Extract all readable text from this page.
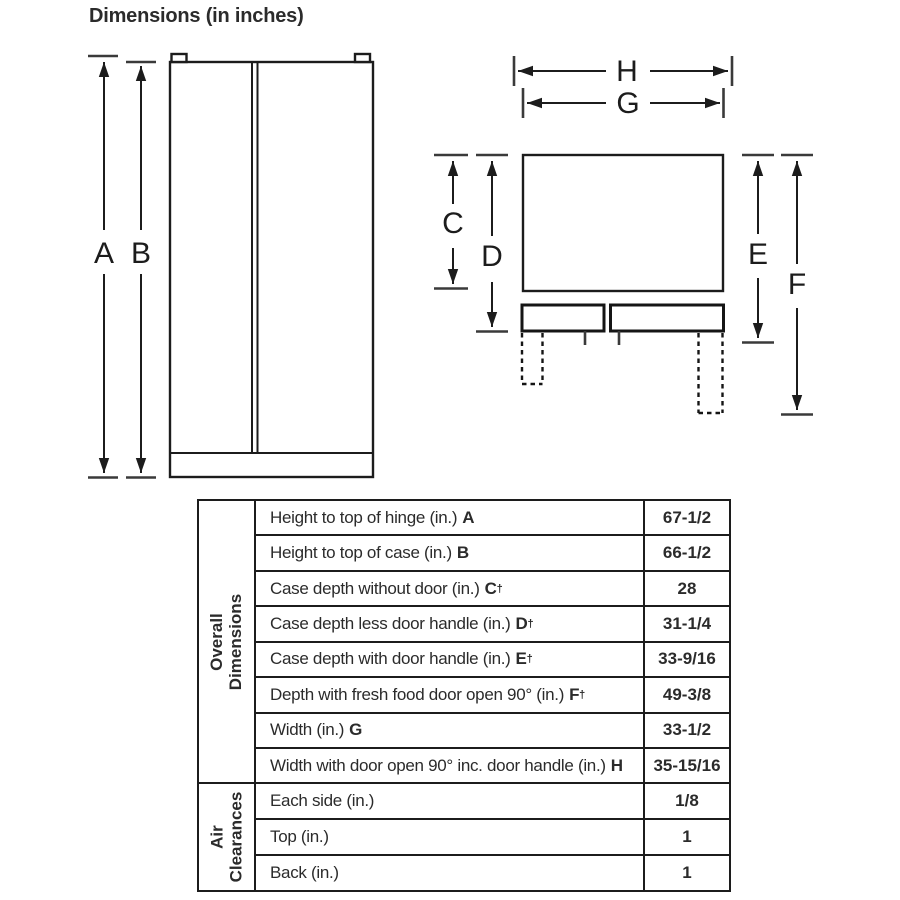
Dimensions (in inches)
A B
H
G
C
D	E
F
Overall Dimensions
Height to top of hinge (in.) A	67-1/2
Height to top of case (in.) B	66-1/2
Case depth without door (in.) C †	28
Case depth less door handle (in.) D †	31-1/4
Case depth with door handle (in.) E †	33-9/16
Depth with fresh food door open 90° (in.) F †	49-3/8
Width (in.) G	33-1/2
Width with door open 90° inc. door handle (in.) H	35-15/16
Air Clearances Each side (in.)	1/8
Top (in.)	1
Back (in.)	1
